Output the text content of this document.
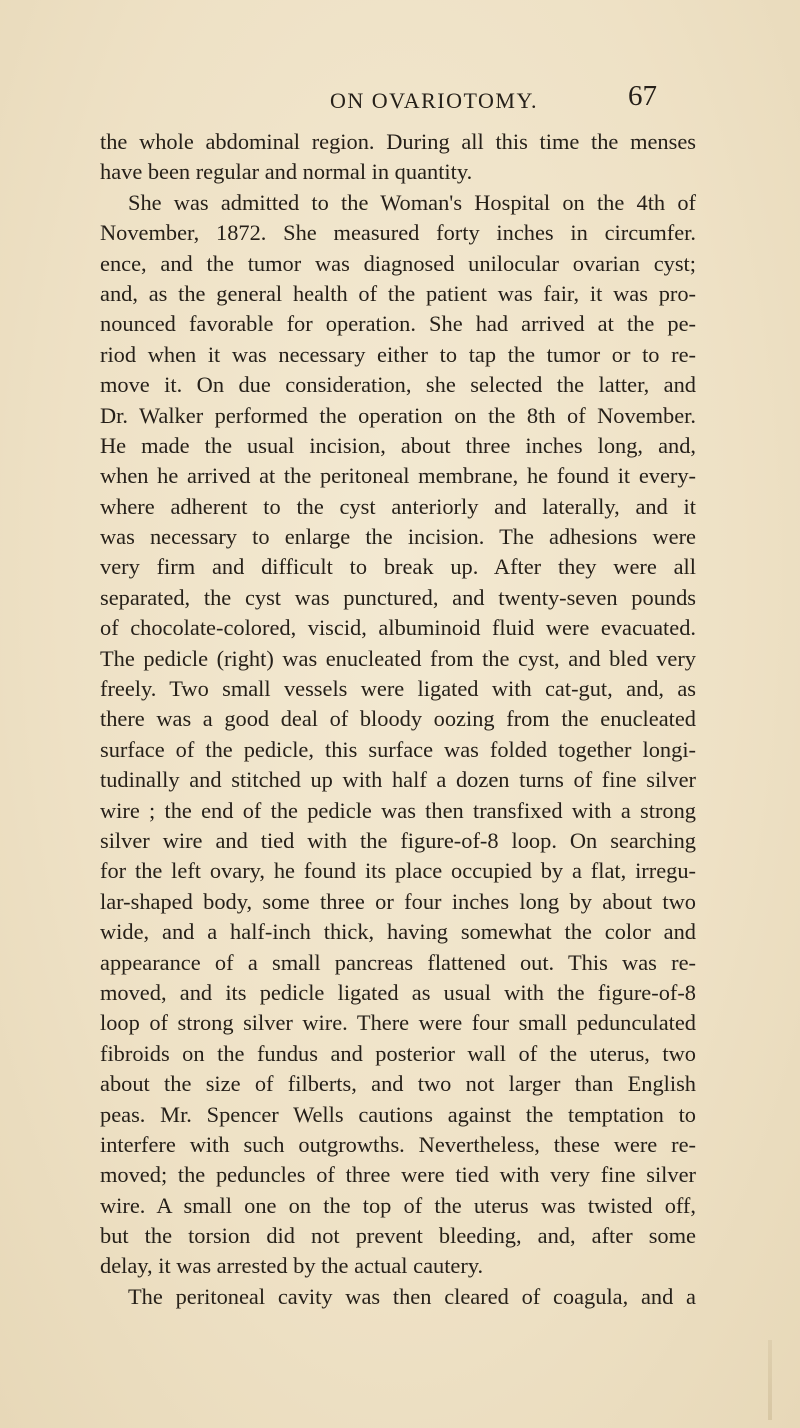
ON OVARIOTOMY.	67
the whole abdominal region. During all this time the menses
have been regular and normal in quantity.
She was admitted to the Woman's Hospital on the 4th of
November, 1872. She measured forty inches in circumfer.
ence, and the tumor was diagnosed unilocular ovarian cyst;
and, as the general health of the patient was fair, it was pro-
nounced favorable for operation. She had arrived at the pe-
riod when it was necessary either to tap the tumor or to re-
move it. On due consideration, she selected the latter, and
Dr. Walker performed the operation on the 8th of November.
He made the usual incision, about three inches long, and,
when he arrived at the peritoneal membrane, he found it every-
where adherent to the cyst anteriorly and laterally, and it
was necessary to enlarge the incision. The adhesions were
very firm and difficult to break up. After they were all
separated, the cyst was punctured, and twenty-seven pounds
of chocolate-colored, viscid, albuminoid fluid were evacuated.
The pedicle (right) was enucleated from the cyst, and bled very
freely. Two small vessels were ligated with cat-gut, and, as
there was a good deal of bloody oozing from the enucleated
surface of the pedicle, this surface was folded together longi-
tudinally and stitched up with half a dozen turns of fine silver
wire ; the end of the pedicle was then transfixed with a strong
silver wire and tied with the figure-of-8 loop. On searching
for the left ovary, he found its place occupied by a flat, irregu-
lar-shaped body, some three or four inches long by about two
wide, and a half-inch thick, having somewhat the color and
appearance of a small pancreas flattened out. This was re-
moved, and its pedicle ligated as usual with the figure-of-8
loop of strong silver wire. There were four small pedunculated
fibroids on the fundus and posterior wall of the uterus, two
about the size of filberts, and two not larger than English
peas. Mr. Spencer Wells cautions against the temptation to
interfere with such outgrowths. Nevertheless, these were re-
moved; the peduncles of three were tied with very fine silver
wire. A small one on the top of the uterus was twisted off,
but the torsion did not prevent bleeding, and, after some
delay, it was arrested by the actual cautery.
The peritoneal cavity was then cleared of coagula, and a
